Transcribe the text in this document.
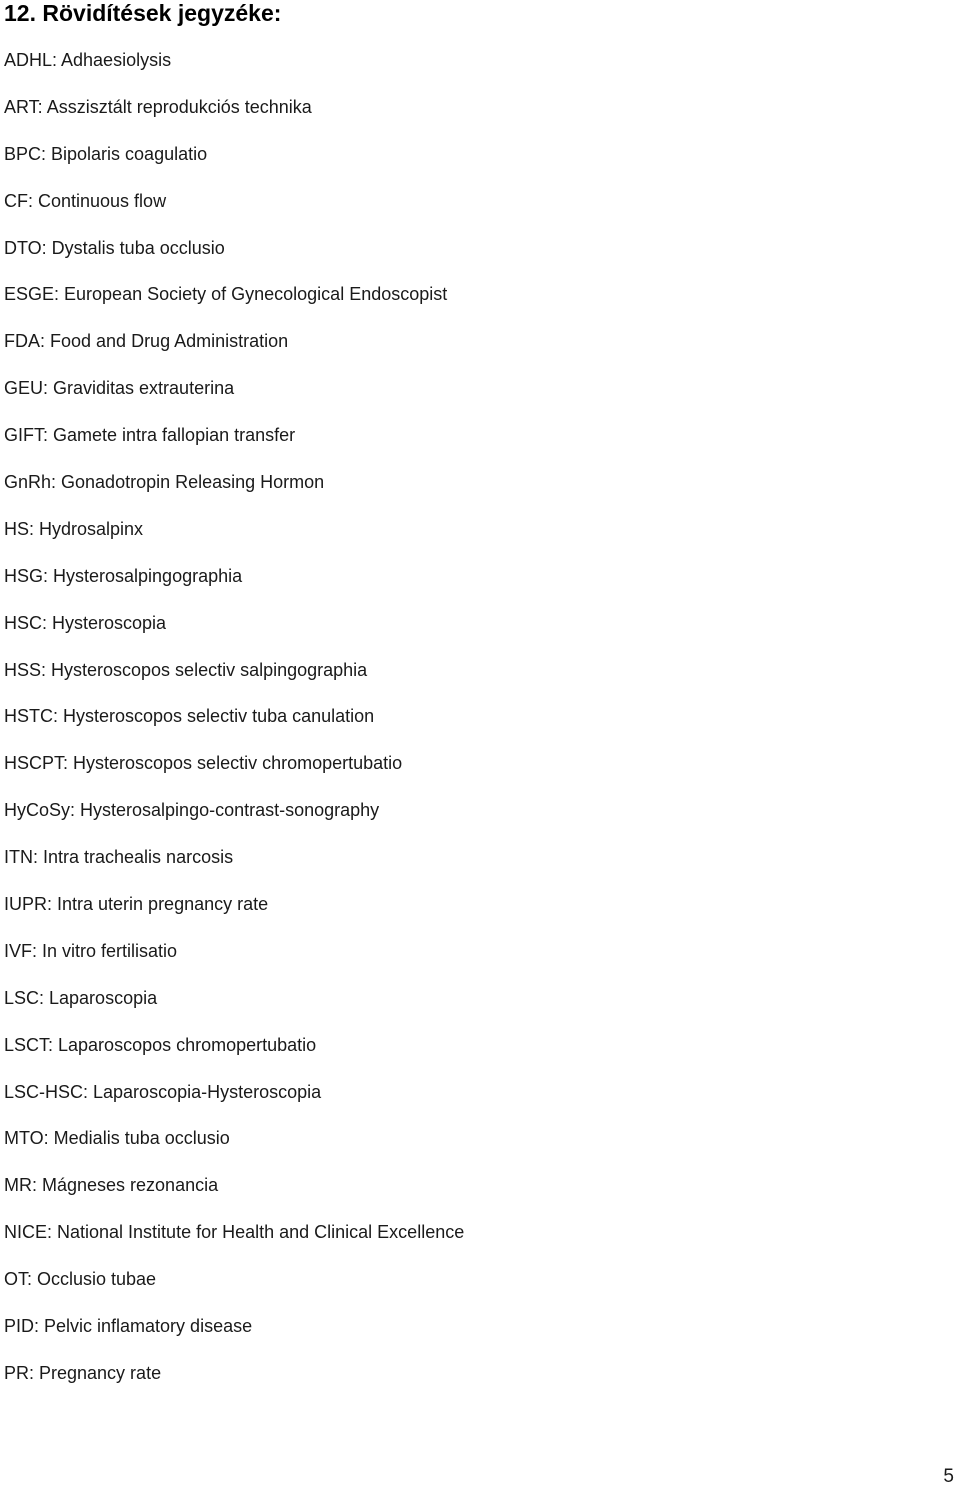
12. Rövidítések jegyzéke:
ADHL: Adhaesiolysis
ART: Asszisztált reprodukciós technika
BPC: Bipolaris coagulatio
CF: Continuous flow
DTO: Dystalis tuba occlusio
ESGE: European Society of Gynecological Endoscopist
FDA: Food and Drug Administration
GEU: Graviditas extrauterina
GIFT: Gamete intra fallopian transfer
GnRh: Gonadotropin Releasing Hormon
HS: Hydrosalpinx
HSG: Hysterosalpingographia
HSC: Hysteroscopia
HSS: Hysteroscopos selectiv salpingographia
HSTC: Hysteroscopos selectiv tuba canulation
HSCPT: Hysteroscopos selectiv chromopertubatio
HyCoSy: Hysterosalpingo-contrast-sonography
ITN: Intra trachealis narcosis
IUPR: Intra uterin pregnancy rate
IVF: In vitro fertilisatio
LSC: Laparoscopia
LSCT: Laparoscopos chromopertubatio
LSC-HSC: Laparoscopia-Hysteroscopia
MTO: Medialis tuba occlusio
MR: Mágneses rezonancia
NICE: National Institute for Health and Clinical Excellence
OT: Occlusio tubae
PID: Pelvic inflamatory disease
PR: Pregnancy rate
5
